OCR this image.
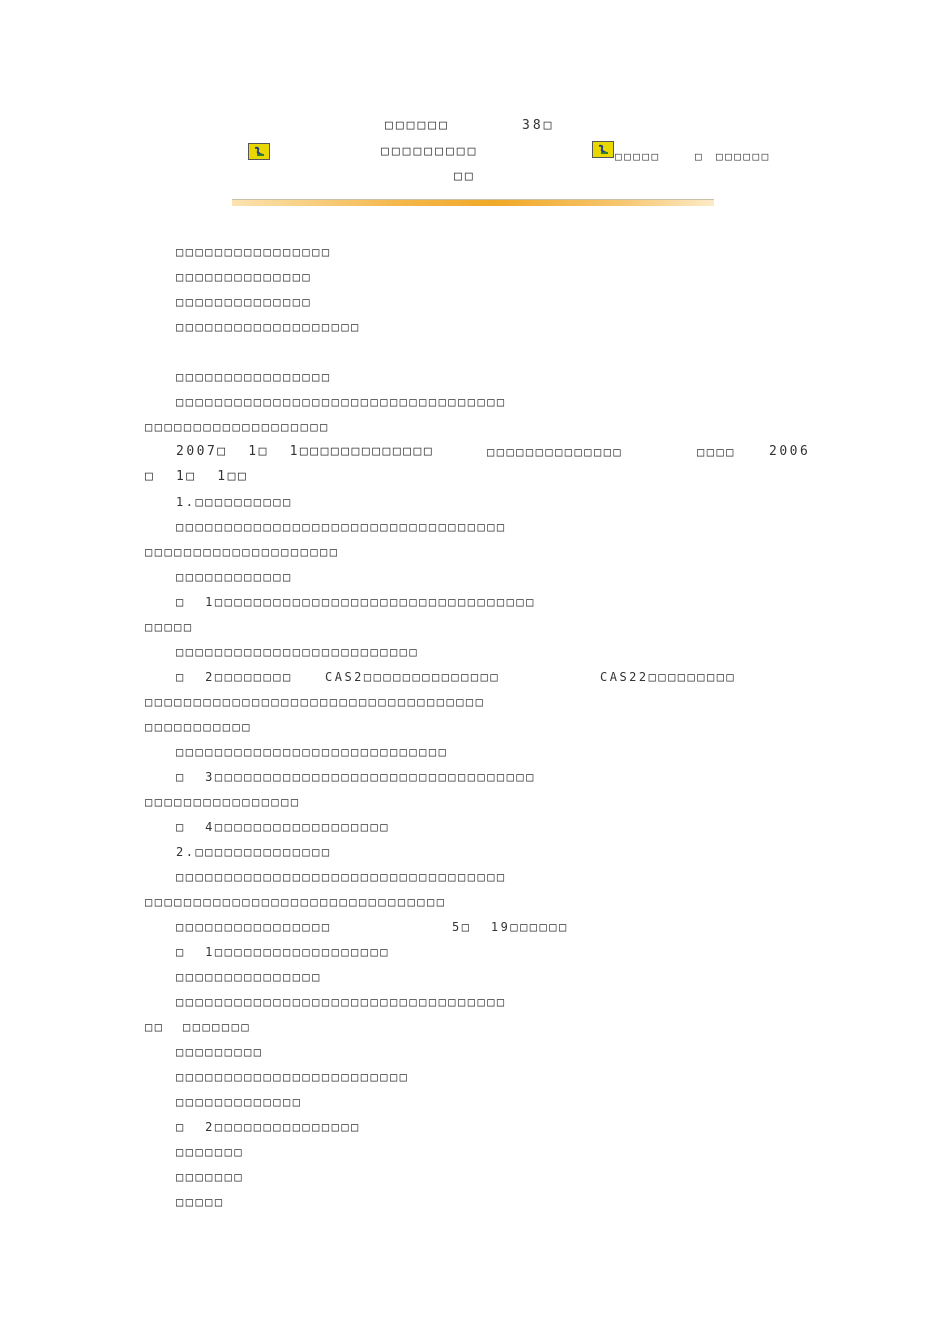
□□□□□□	38□
□□□□□□□□□
□□
□□□□□	□ □□□□□□
□□□□□□□□□□□□□□□□
□□□□□□□□□□□□□□
□□□□□□□□□□□□□□
□□□□□□□□□□□□□□□□□□□
□□□□□□□□□□□□□□□□
□□□□□□□□□□□□□□□□□□□□□□□□□□□□□□□□□□
□□□□□□□□□□□□□□□□□□□
2007□  1□  1□□□□□□□□□□□□□	□□□□□□□□□□□□□□	□□□□	2006
□  1□  1□□
1.□□□□□□□□□□
□□□□□□□□□□□□□□□□□□□□□□□□□□□□□□□□□□
□□□□□□□□□□□□□□□□□□□□
□□□□□□□□□□□□
□  1□□□□□□□□□□□□□□□□□□□□□□□□□□□□□□□□□
□□□□□
□□□□□□□□□□□□□□□□□□□□□□□□□
□  2□□□□□□□□	CAS2□□□□□□□□□□□□□□	CAS22□□□□□□□□□
□□□□□□□□□□□□□□□□□□□□□□□□□□□□□□□□□□□
□□□□□□□□□□□
□□□□□□□□□□□□□□□□□□□□□□□□□□□□
□  3□□□□□□□□□□□□□□□□□□□□□□□□□□□□□□□□□
□□□□□□□□□□□□□□□□
□  4□□□□□□□□□□□□□□□□□□
2.□□□□□□□□□□□□□□
□□□□□□□□□□□□□□□□□□□□□□□□□□□□□□□□□□
□□□□□□□□□□□□□□□□□□□□□□□□□□□□□□□
□□□□□□□□□□□□□□□□	5□  19□□□□□□
□  1□□□□□□□□□□□□□□□□□□
□□□□□□□□□□□□□□□
□□□□□□□□□□□□□□□□□□□□□□□□□□□□□□□□□□
□□ □□□□□□□
□□□□□□□□□
□□□□□□□□□□□□□□□□□□□□□□□□
□□□□□□□□□□□□□
□  2□□□□□□□□□□□□□□□
□□□□□□□
□□□□□□□
□□□□□
